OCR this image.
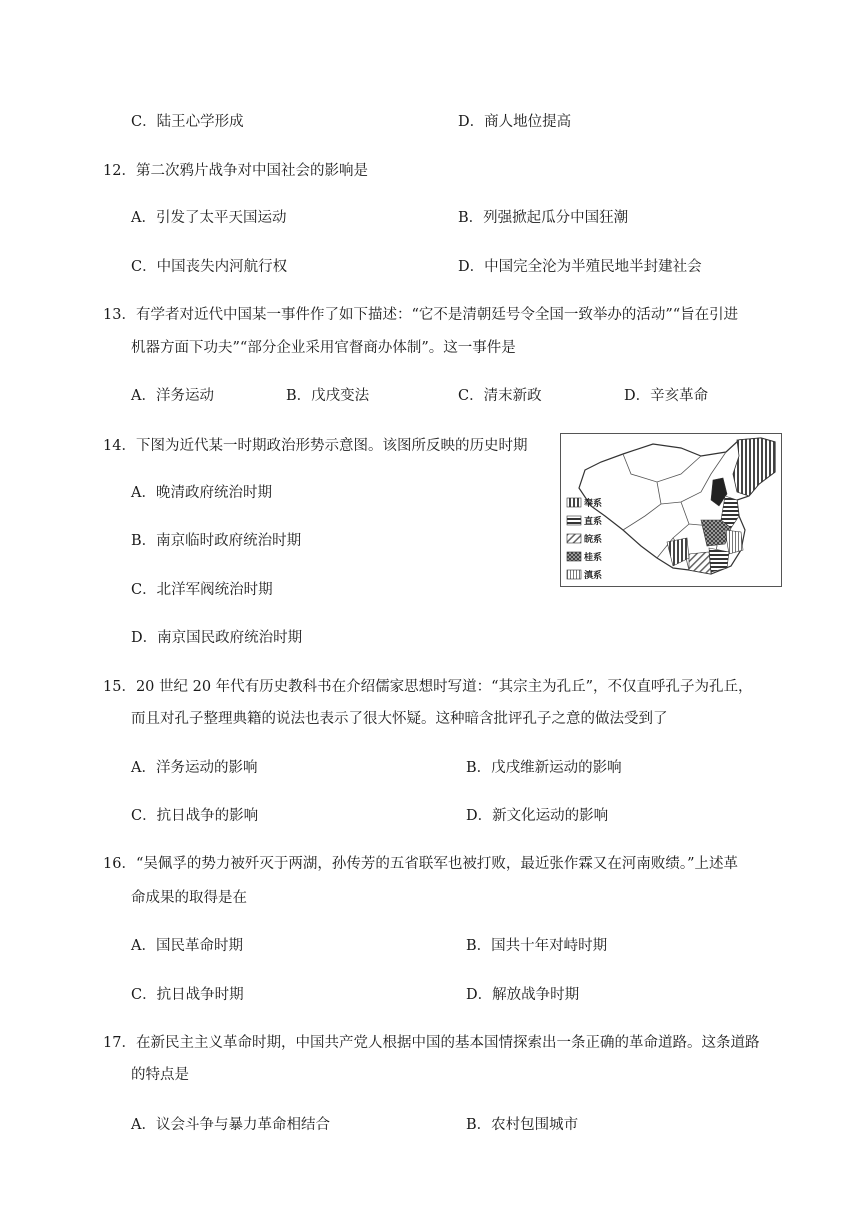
C．陆王心学形成	D．商人地位提高
12．第二次鸦片战争对中国社会的影响是
A．引发了太平天国运动	B．列强掀起瓜分中国狂潮
C．中国丧失内河航行权	D．中国完全沦为半殖民地半封建社会
13．有学者对近代中国某一事件作了如下描述：“它不是清朝廷号令全国一致举办的活动”“旨在引进
机器方面下功夫”“部分企业采用官督商办体制”。这一事件是
A．洋务运动	B．戊戌变法	C．清末新政	D．辛亥革命
14．下图为近代某一时期政治形势示意图。该图所反映的历史时期
A．晚清政府统治时期
B．南京临时政府统治时期
C．北洋军阀统治时期
D．南京国民政府统治时期
奉系
直系
皖系
桂系
滇系
15．20 世纪 20 年代有历史教科书在介绍儒家思想时写道：“其宗主为孔丘”，不仅直呼孔子为孔丘，
而且对孔子整理典籍的说法也表示了很大怀疑。这种暗含批评孔子之意的做法受到了
A．洋务运动的影响	B．戊戌维新运动的影响
C．抗日战争的影响	D．新文化运动的影响
16．“吴佩孚的势力被歼灭于两湖，孙传芳的五省联军也被打败，最近张作霖又在河南败绩。”上述革
命成果的取得是在
A．国民革命时期	B．国共十年对峙时期
C．抗日战争时期	D．解放战争时期
17．在新民主主义革命时期，中国共产党人根据中国的基本国情探索出一条正确的革命道路。这条道路
的特点是
A．议会斗争与暴力革命相结合	B．农村包围城市
